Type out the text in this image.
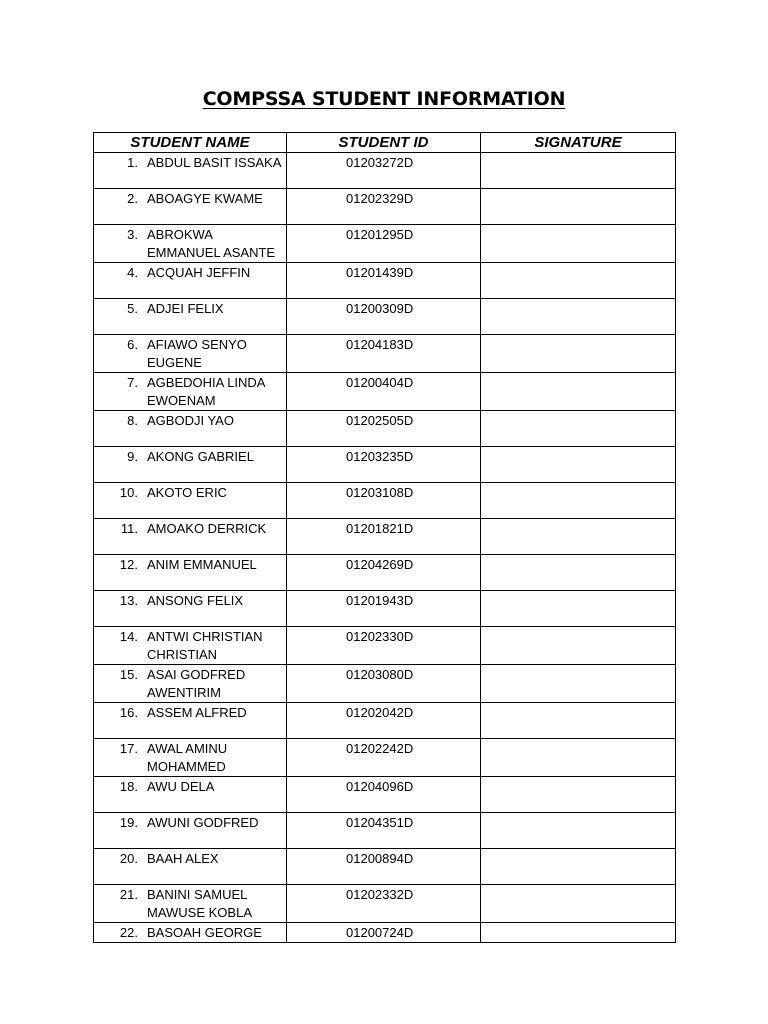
COMPSSA STUDENT INFORMATION
STUDENT NAME	STUDENT ID	SIGNATURE

1. ABDUL BASIT ISSAKA	01203272D	

2. ABOAGYE KWAME	01202329D	

3. ABROKWA EMMANUEL ASANTE	01201295D	

4. ACQUAH JEFFIN	01201439D	

5. ADJEI FELIX	01200309D	

6. AFIAWO SENYO EUGENE	01204183D	

7. AGBEDOHIA LINDA EWOENAM	01200404D	

8. AGBODJI YAO	01202505D	

9. AKONG GABRIEL	01203235D	

10. AKOTO ERIC	01203108D	

11. AMOAKO DERRICK	01201821D	

12. ANIM EMMANUEL	01204269D	

13. ANSONG FELIX	01201943D	

14. ANTWI CHRISTIAN CHRISTIAN	01202330D	

15. ASAI GODFRED AWENTIRIM	01203080D	

16. ASSEM ALFRED	01202042D	

17. AWAL AMINU MOHAMMED	01202242D	

18. AWU DELA	01204096D	

19. AWUNI GODFRED	01204351D	

20. BAAH ALEX	01200894D	

21. BANINI SAMUEL MAWUSE KOBLA	01202332D	

22. BASOAH GEORGE	01200724D	
